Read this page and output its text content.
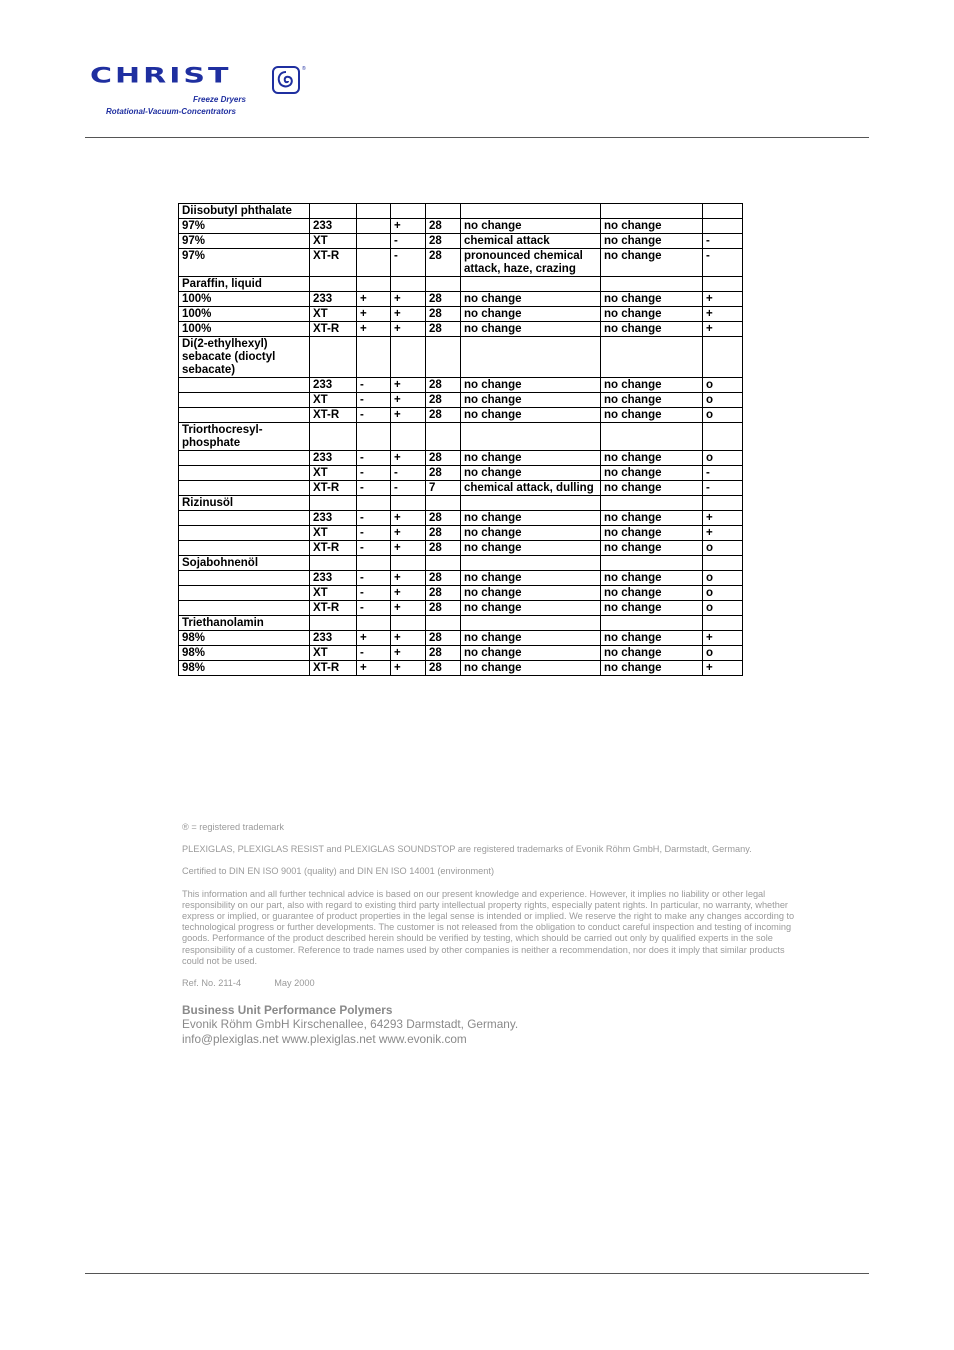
CHRIST	®
Freeze Dryers
Rotational-Vacuum-Concentrators
Diisobutyl phthalate							
97%	233		+	28	no change	no change	
97%	XT		-	28	chemical attack	no change	-
97%	XT-R		-	28	pronounced chemical attack, haze, crazing	no change	-
Paraffin, liquid							
100%	233	+	+	28	no change	no change	+
100%	XT	+	+	28	no change	no change	+
100%	XT-R	+	+	28	no change	no change	+
Di(2-ethylhexyl) sebacate (dioctyl sebacate)							
	233	-	+	28	no change	no change	o
	XT	-	+	28	no change	no change	o
	XT-R	-	+	28	no change	no change	o
Triorthocresyl-phosphate							
	233	-	+	28	no change	no change	o
	XT	-	-	28	no change	no change	-
	XT-R	-	-	7	chemical attack, dulling	no change	-
Rizinusöl							
	233	-	+	28	no change	no change	+
	XT	-	+	28	no change	no change	+
	XT-R	-	+	28	no change	no change	o
Sojabohnenöl							
	233	-	+	28	no change	no change	o
	XT	-	+	28	no change	no change	o
	XT-R	-	+	28	no change	no change	o
Triethanolamin							
98%	233	+	+	28	no change	no change	+
98%	XT	-	+	28	no change	no change	o
98%	XT-R	+	+	28	no change	no change	+

® = registered trademark

PLEXIGLAS, PLEXIGLAS RESIST and PLEXIGLAS SOUNDSTOP are registered trademarks of Evonik Röhm GmbH, Darmstadt, Germany.

Certified to DIN EN ISO 9001 (quality) and DIN EN ISO 14001 (environment)

This information and all further technical advice is based on our present knowledge and experience. However, it implies no liability or other legal responsibility on our part, also with regard to existing third party intellectual property rights, especially patent rights. In particular, no warranty, whether express or implied, or guarantee of product properties in the legal sense is intended or implied. We reserve the right to make any changes according to technological progress or further developments. The customer is not released from the obligation to conduct careful inspection and testing of incoming goods. Performance of the product described herein should be verified by testing, which should be carried out only by qualified experts in the sole responsibility of a customer. Reference to trade names used by other companies is neither a recommendation, nor does it imply that similar products could not be used.

Ref. No. 211-4	May 2000

Business Unit Performance Polymers
Evonik Röhm GmbH Kirschenallee, 64293 Darmstadt, Germany.
info@plexiglas.net www.plexiglas.net www.evonik.com
